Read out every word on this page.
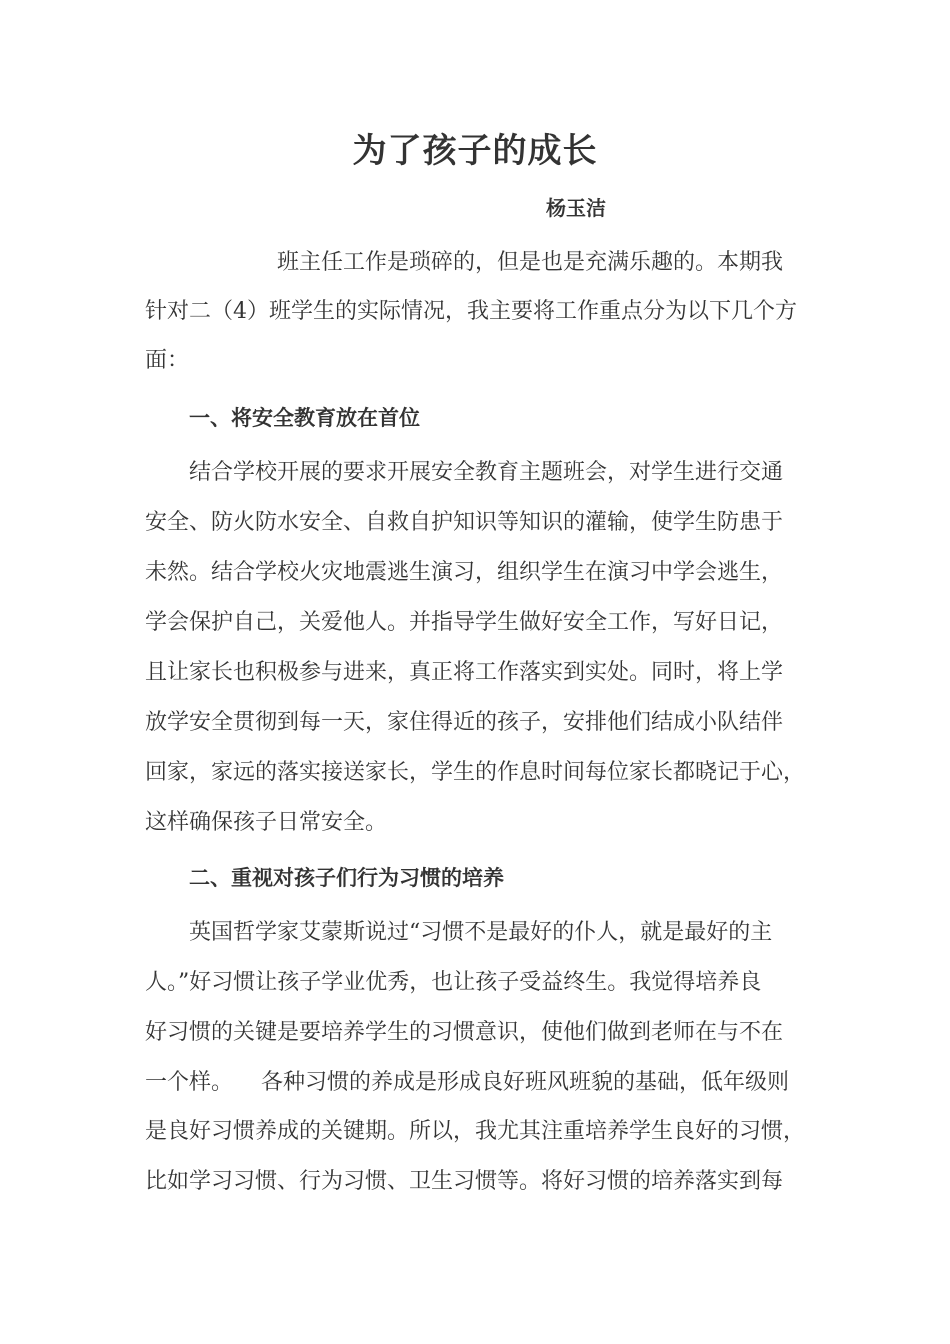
为了孩子的成长

杨玉洁

班主任工作是琐碎的，但是也是充满乐趣的。本期我

针对二（4）班学生的实际情况，我主要将工作重点分为以下几个方

面：

一、将安全教育放在首位

结合学校开展的要求开展安全教育主题班会，对学生进行交通

安全、防火防水安全、自救自护知识等知识的灌输，使学生防患于

未然。结合学校火灾地震逃生演习，组织学生在演习中学会逃生，

学会保护自己，关爱他人。并指导学生做好安全工作，写好日记，

且让家长也积极参与进来，真正将工作落实到实处。同时，将上学

放学安全贯彻到每一天，家住得近的孩子，安排他们结成小队结伴

回家，家远的落实接送家长，学生的作息时间每位家长都晓记于心，

这样确保孩子日常安全。

二、重视对孩子们行为习惯的培养

英国哲学家艾蒙斯说过“习惯不是最好的仆人，就是最好的主

人。”好习惯让孩子学业优秀，也让孩子受益终生。我觉得培养良

好习惯的关键是要培养学生的习惯意识，使他们做到老师在与不在

一个样。    各种习惯的养成是形成良好班风班貌的基础，低年级则

是良好习惯养成的关键期。所以，我尤其注重培养学生良好的习惯，

比如学习习惯、行为习惯、卫生习惯等。将好习惯的培养落实到每
